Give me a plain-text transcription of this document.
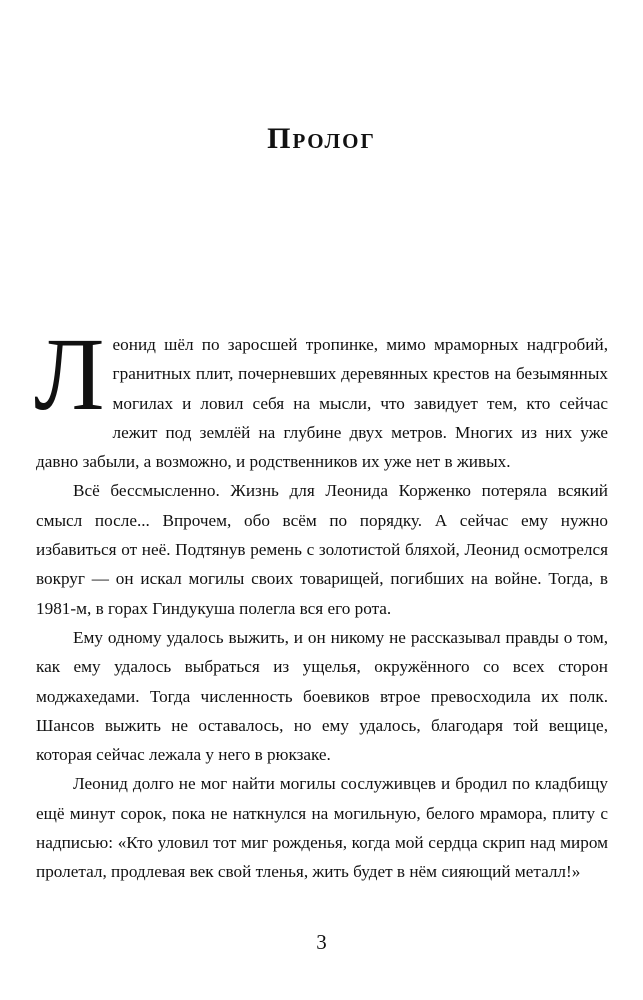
Пролог

Леонид шёл по заросшей тропинке, мимо мраморных надгробий, гранитных плит, почерневших деревянных крестов на безымянных могилах и ловил себя на мысли, что завидует тем, кто сейчас лежит под землёй на глубине двух метров. Многих из них уже давно забыли, а возможно, и родственников их уже нет в живых.

Всё бессмысленно. Жизнь для Леонида Корженко потеряла всякий смысл после... Впрочем, обо всём по порядку. А сейчас ему нужно избавиться от неё. Подтянув ремень с золотистой бляхой, Леонид осмотрелся вокруг — он искал могилы своих товарищей, погибших на войне. Тогда, в 1981-м, в горах Гиндукуша полегла вся его рота.

Ему одному удалось выжить, и он никому не рассказывал правды о том, как ему удалось выбраться из ущелья, окружённого со всех сторон моджахедами. Тогда численность боевиков втрое превосходила их полк. Шансов выжить не оставалось, но ему удалось, благодаря той вещице, которая сейчас лежала у него в рюкзаке.

Леонид долго не мог найти могилы сослуживцев и бродил по кладбищу ещё минут сорок, пока не наткнулся на могильную, белого мрамора, плиту с надписью: «Кто уловил тот миг рожденья, когда мой сердца скрип над миром пролетал, продлевая век свой тленья, жить будет в нём сияющий металл!»

3
